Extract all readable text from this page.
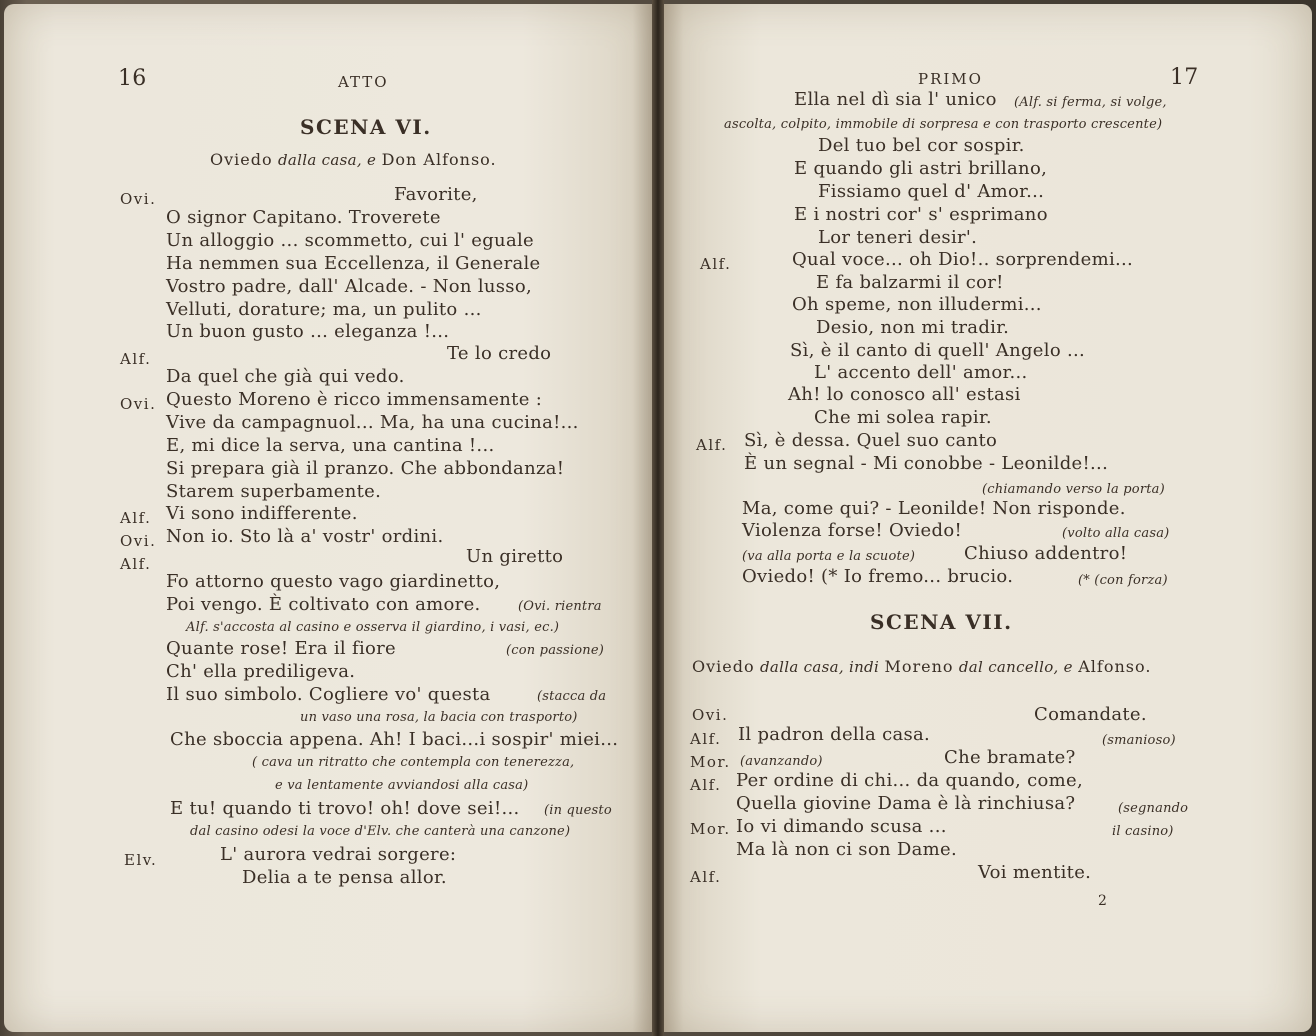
16	ATTO
SCENA VI.
Oviedo dalla casa, e Don Alfonso.
Ovi.	Favorite,
O signor Capitano. Troverete
Un alloggio ... scommetto, cui l' eguale
Ha nemmen sua Eccellenza, il Generale
Vostro padre, dall' Alcade. - Non lusso,
Velluti, dorature; ma, un pulito ...
Un buon gusto ... eleganza !...
Alf.	Te lo credo
Da quel che già qui vedo.
Ovi. Questo Moreno è ricco immensamente :
Vive da campagnuol... Ma, ha una cucina!...
E, mi dice la serva, una cantina !...
Si prepara già il pranzo. Che abbondanza!
Starem superbamente.
Alf. Vi sono indifferente.
Ovi. Non io. Sto là a' vostr' ordini.
Alf.	Un giretto
Fo attorno questo vago giardinetto,
Poi vengo. È coltivato con amore.	(Ovi. rientra
Alf. s'accosta al casino e osserva il giardino, i vasi, ec.)
Quante rose! Era il fiore	(con passione)
Ch' ella prediligeva.
Il suo simbolo. Cogliere vo' questa	(stacca da
un vaso una rosa, la bacia con trasporto)
Che sboccia appena. Ah! I baci...i sospir' miei...
( cava un ritratto che contempla con tenerezza,
e va lentamente avviandosi alla casa)
E tu! quando ti trovo! oh! dove sei!... (in questo
dal casino odesi la voce d'Elv. che canterà una canzone)
Elv.	L' aurora vedrai sorgere:
Delia a te pensa allor.
PRIMO	17
Ella nel dì sia l' unico (Alf. si ferma, si volge,
ascolta, colpito, immobile di sorpresa e con trasporto crescente)
Del tuo bel cor sospir.
E quando gli astri brillano,
Fissiamo quel d' Amor...
E i nostri cor' s' esprimano
Lor teneri desir'.
Alf.	Qual voce... oh Dio!.. sorprendemi...
E fa balzarmi il cor!
Oh speme, non illudermi...
Desio, non mi tradir.
Sì, è il canto di quell' Angelo ...
L' accento dell' amor...
Ah! lo conosco all' estasi
Che mi solea rapir.
Alf. Sì, è dessa. Quel suo canto
È un segnal - Mi conobbe - Leonilde!...
(chiamando verso la porta)
Ma, come qui? - Leonilde! Non risponde.
Violenza forse! Oviedo!	(volto alla casa)
(va alla porta e la scuote)	Chiuso addentro!
Oviedo! (* Io fremo... brucio.	(* (con forza)
SCENA VII.
Oviedo dalla casa, indi Moreno dal cancello, e Alfonso.
Ovi.	Comandate.
Alf. Il padron della casa.	(smanioso)
Mor. (avanzando)	Che bramate?
Alf. Per ordine di chi... da quando, come,
Quella giovine Dama è là rinchiusa?	(segnando
Mor. Io vi dimando scusa ...	il casino)
Ma là non ci son Dame.
Alf.	Voi mentite.
2
